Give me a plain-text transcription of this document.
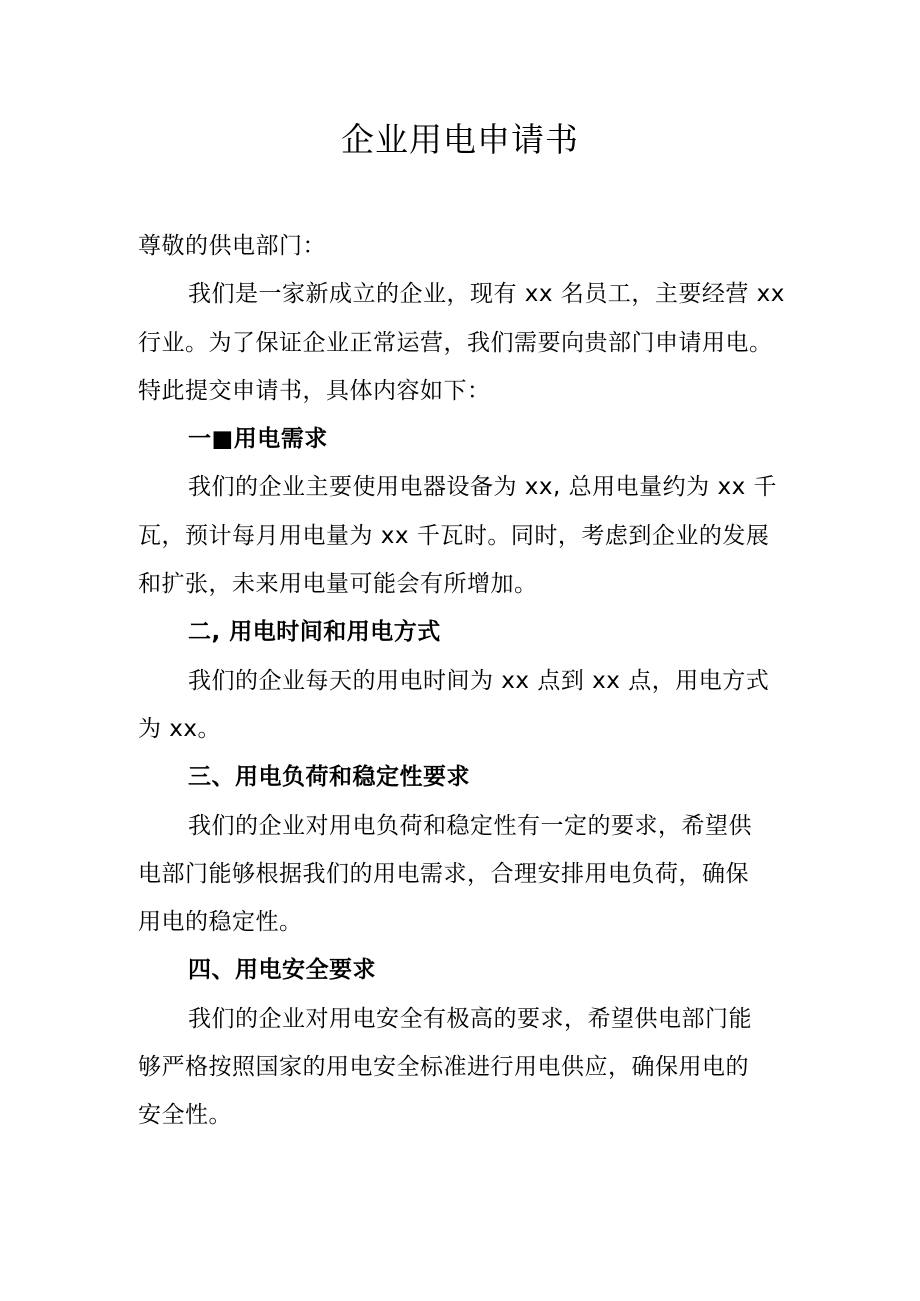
企业用电申请书
尊敬的供电部门：
我们是一家新成立的企业，现有 xx 名员工，主要经营 xx
行业。为了保证企业正常运营，我们需要向贵部门申请用电。
特此提交申请书，具体内容如下：
一■用电需求
我们的企业主要使用电器设备为 xx, 总用电量约为 xx 千
瓦，预计每月用电量为 xx 千瓦时。同时，考虑到企业的发展
和扩张，未来用电量可能会有所增加。
二, 用电时间和用电方式
我们的企业每天的用电时间为 xx 点到 xx 点，用电方式
为 xx。
三、用电负荷和稳定性要求
我们的企业对用电负荷和稳定性有一定的要求，希望供
电部门能够根据我们的用电需求，合理安排用电负荷，确保
用电的稳定性。
四、用电安全要求
我们的企业对用电安全有极高的要求，希望供电部门能
够严格按照国家的用电安全标准进行用电供应，确保用电的
安全性。
